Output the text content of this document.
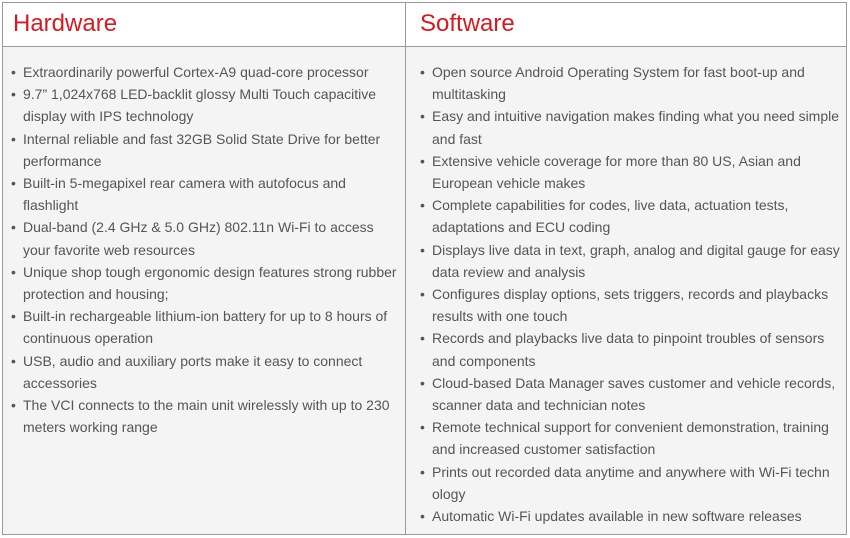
Hardware
• Extraordinarily powerful Cortex-A9 quad-core processor
• 9.7” 1,024x768 LED-backlit glossy Multi Touch capacitive display with IPS technology
• Internal reliable and fast 32GB Solid State Drive for better performance
• Built-in 5-megapixel rear camera with autofocus and flashlight
• Dual-band (2.4 GHz & 5.0 GHz) 802.11n Wi-Fi to access your favorite web resources
• Unique shop tough ergonomic design features strong rubber protection and housing;
• Built-in rechargeable lithium-ion battery for up to 8 hours of continuous operation
• USB, audio and auxiliary ports make it easy to connect accessories
• The VCI connects to the main unit wirelessly with up to 230 meters working range
Software
• Open source Android Operating System for fast boot-up and multitasking
• Easy and intuitive navigation makes finding what you need simple and fast
• Extensive vehicle coverage for more than 80 US, Asian and European vehicle makes
• Complete capabilities for codes, live data, actuation tests, adaptations and ECU coding
• Displays live data in text, graph, analog and digital gauge for easy data review and analysis
• Configures display options, sets triggers, records and playbacks results with one touch
• Records and playbacks live data to pinpoint troubles of sensors and components
• Cloud-based Data Manager saves customer and vehicle records, scanner data and technician notes
• Remote technical support for convenient demonstration, training and increased customer satisfaction
• Prints out recorded data anytime and anywhere with Wi-Fi techn ology
• Automatic Wi-Fi updates available in new software releases
